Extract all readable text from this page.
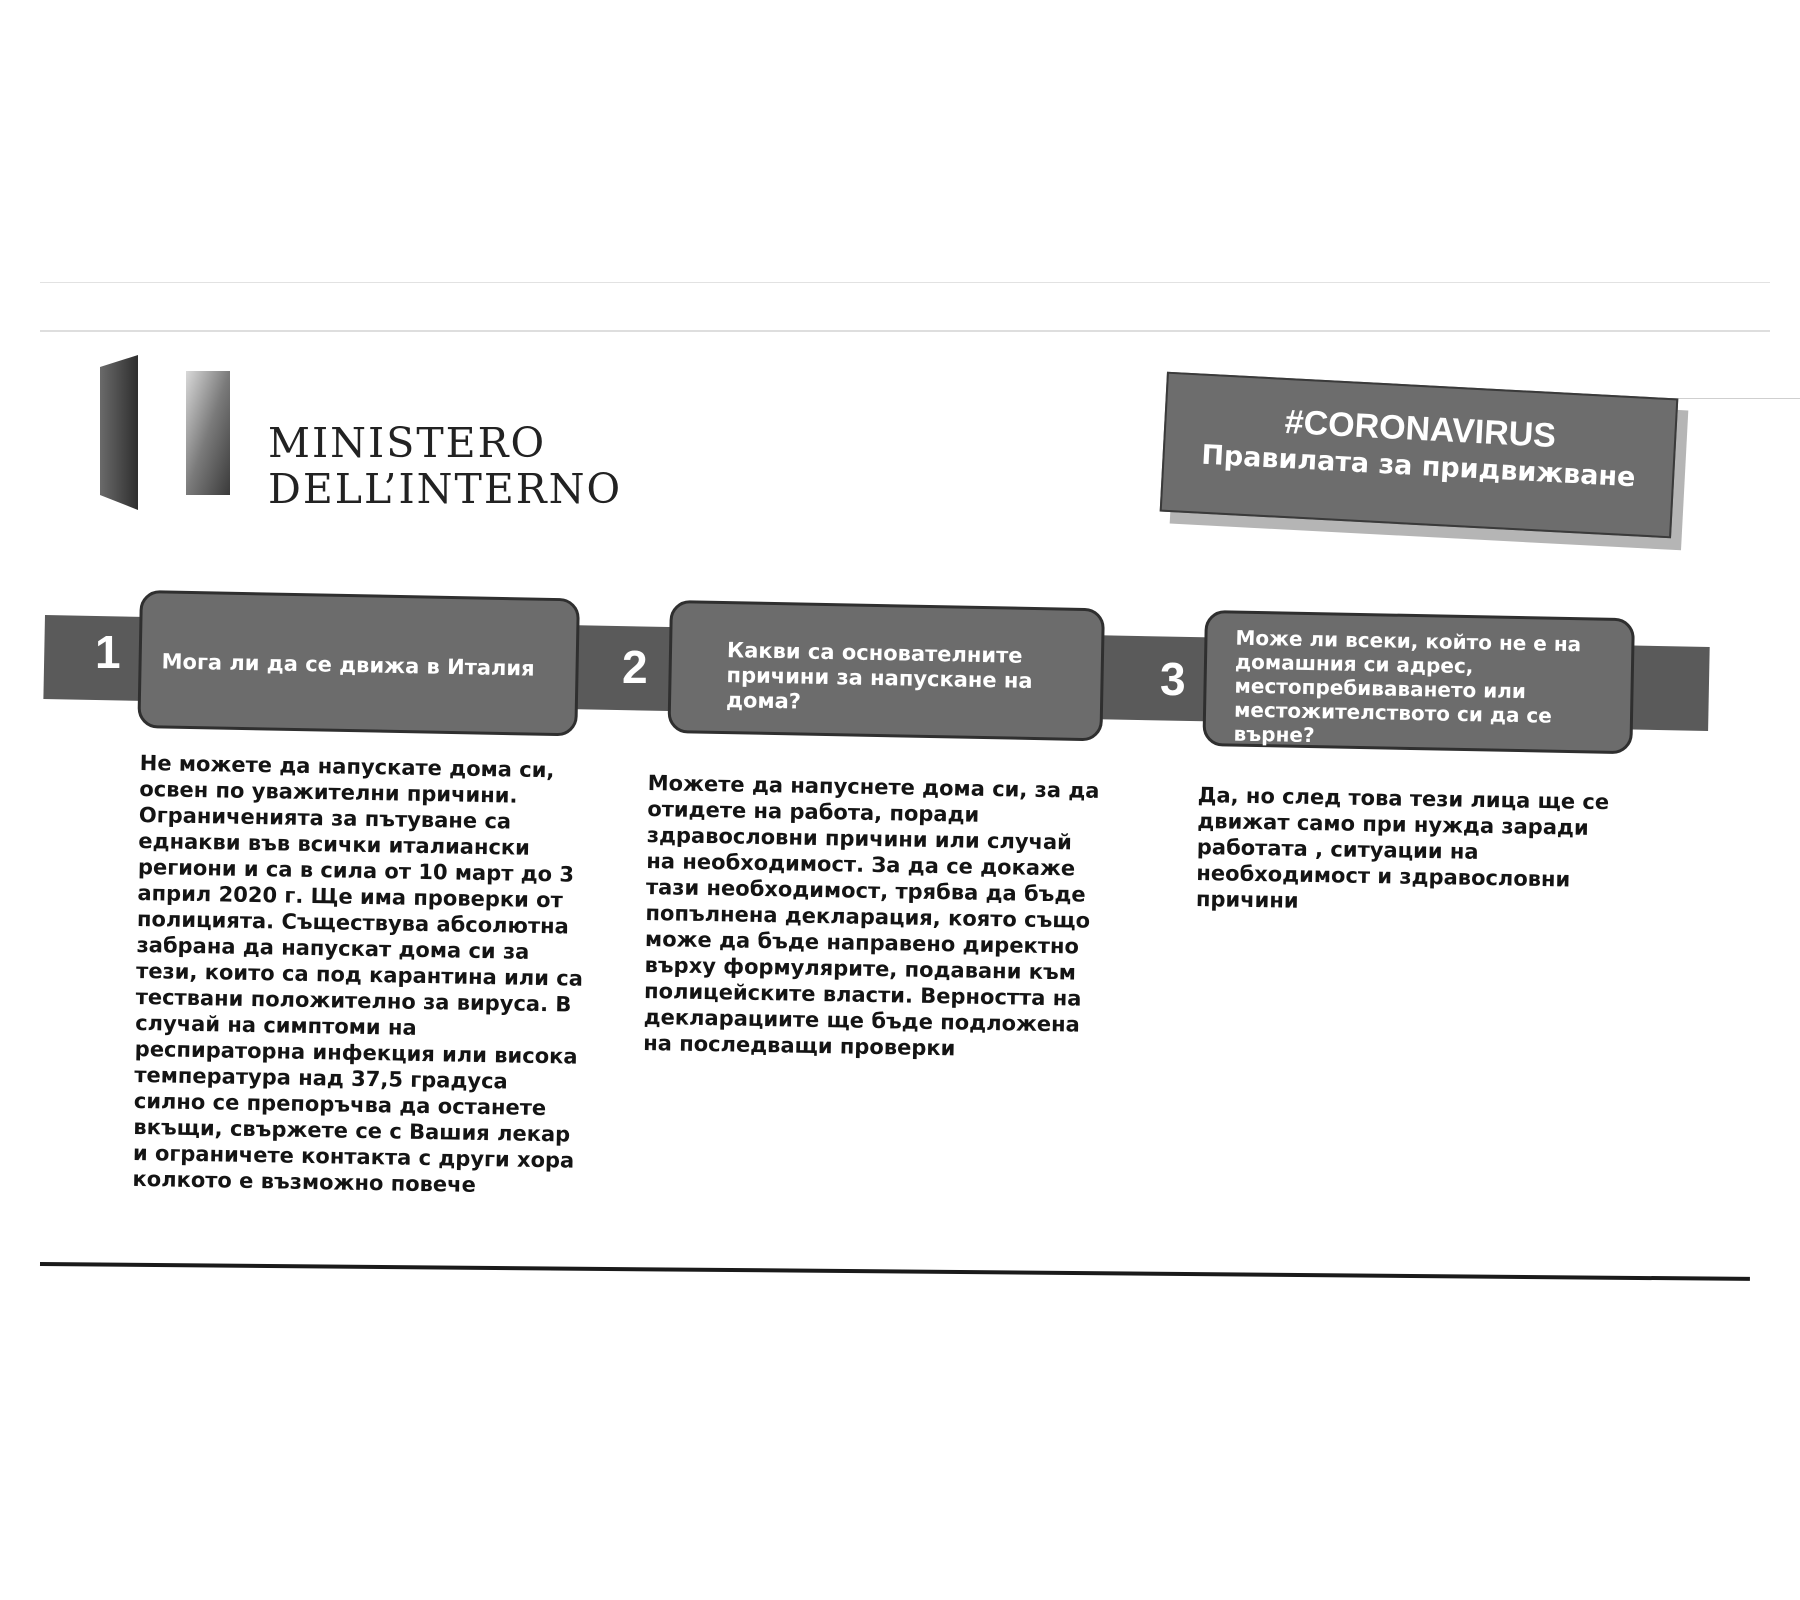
MINISTERO
DELL’INTERNO
#CORONAVIRUS
Правилата за придвижване
1	Мога ли да се движа в Италия	2	Какви са основателните причини за напускане на дома?	3
Може ли всеки, който не е на домашния си адрес, местопребиваването или местожителството си да се върне?
Не можете да напускате дома си, освен по уважителни причини. Ограниченията за пътуване са еднакви във всички италиански региони и са в сила от 10 март до 3 април 2020 г. Ще има проверки от полицията. Съществува абсолютна забрана да напускат дома си за тези, които са под карантина или са тествани положително за вируса. В случай на симптоми на респираторна инфекция или висока температура над 37,5 градуса силно се препоръчва да останете вкъщи, свържете се с Вашия лекар и ограничете контакта с други хора колкото е възможно повече
Можете да напуснете дома си, за да отидете на работа, поради здравословни причини или случай на необходимост. За да се докаже тази необходимост, трябва да бъде попълнена декларация, която също може да бъде направено директно върху формулярите, подавани към полицейските власти. Верността на декларациите ще бъде подложена на последващи проверки
Да, но след това тези лица ще се движат само при нужда заради работата , ситуации на необходимост и здравословни причини
